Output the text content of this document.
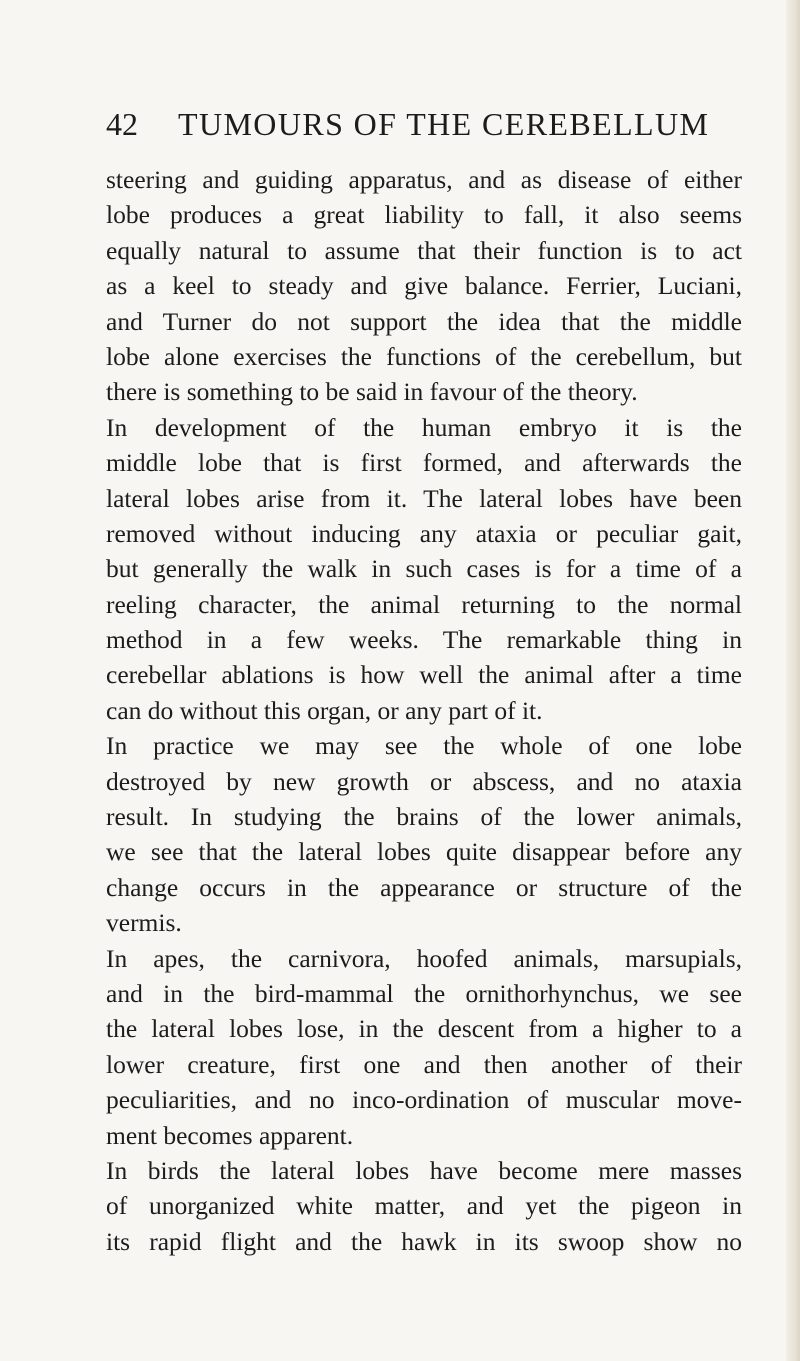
42 TUMOURS OF THE CEREBELLUM
steering and guiding apparatus, and as disease of either
lobe produces a great liability to fall, it also seems
equally natural to assume that their function is to act
as a keel to steady and give balance. Ferrier, Luciani,
and Turner do not support the idea that the middle
lobe alone exercises the functions of the cerebellum, but
there is something to be said in favour of the theory.
In development of the human embryo it is the
middle lobe that is first formed, and afterwards the
lateral lobes arise from it. The lateral lobes have been
removed without inducing any ataxia or peculiar gait,
but generally the walk in such cases is for a time of a
reeling character, the animal returning to the normal
method in a few weeks. The remarkable thing in
cerebellar ablations is how well the animal after a time
can do without this organ, or any part of it.
In practice we may see the whole of one lobe
destroyed by new growth or abscess, and no ataxia
result. In studying the brains of the lower animals,
we see that the lateral lobes quite disappear before any
change occurs in the appearance or structure of the
vermis.
In apes, the carnivora, hoofed animals, marsupials,
and in the bird-mammal the ornithorhynchus, we see
the lateral lobes lose, in the descent from a higher to a
lower creature, first one and then another of their
peculiarities, and no inco-ordination of muscular move-
ment becomes apparent.
In birds the lateral lobes have become mere masses
of unorganized white matter, and yet the pigeon in
its rapid flight and the hawk in its swoop show no
